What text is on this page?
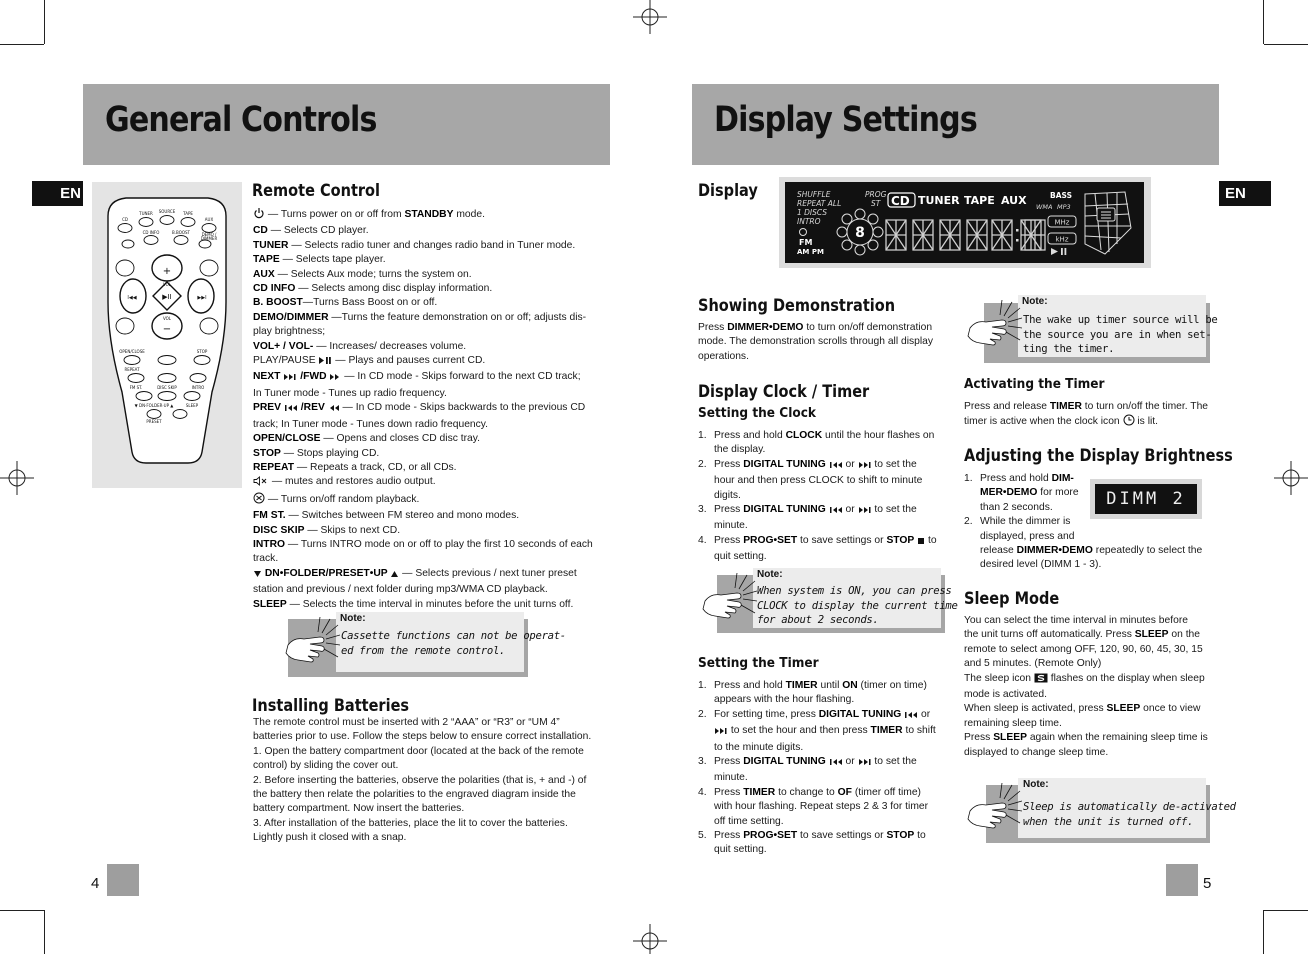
General Controls
EN
CD
TUNER SOURCE TAPE
AUX
CD INFO	B.BOOST	DEMO /
DIMMER
+
−
VOL
VOL
▶II
I◀◀	▶▶I
OPEN/CLOSE	STOP
REPEAT
FM ST.	DISC SKIP	INTRO
▼ DN·FOLDER·UP ▲
PRESET
SLEEP
Remote Control
— Turns power on or off from STANDBY mode.
CD — Selects CD player.
TUNER — Selects radio tuner and changes radio band in Tuner mode.
TAPE — Selects tape player.
AUX — Selects Aux mode; turns the system on.
CD INFO — Selects among disc display information.
B. BOOST—Turns Bass Boost on or off.
DEMO/DIMMER —Turns the feature demonstration on or off; adjusts dis-
play brightness;
VOL+ / VOL- — Increases/ decreases volume.
PLAY/PAUSE  — Plays and pauses current CD.
NEXT  /FWD  — In CD mode - Skips forward to the next CD track;
In Tuner mode - Tunes up radio frequency.
PREV  /REV  — In CD mode - Skips backwards to the previous CD
track; In Tuner mode - Tunes down radio frequency.
OPEN/CLOSE — Opens and closes CD disc tray.
STOP — Stops playing CD.
REPEAT — Repeats a track, CD, or all CDs.
— mutes and restores audio output.
— Turns on/off random playback.
FM ST. — Switches between FM stereo and mono modes.
DISC SKIP — Skips to next CD.
INTRO — Turns INTRO mode on or off to play the first 10 seconds of each
track.
DN•FOLDER/PRESET•UP  — Selects previous / next tuner preset
station and previous / next folder during mp3/WMA CD playback.
SLEEP — Selects the time interval in minutes before the unit turns off.
Note:
Cassette functions can not be operat-
ed from the remote control.
Installing Batteries
The remote control must be inserted with 2 “AAA” or “R3” or “UM 4”
batteries prior to use. Follow the steps below to ensure correct installation.
1. Open the battery compartment door (located at the back of the remote
control) by sliding the cover out.
2. Before inserting the batteries, observe the polarities (that is, + and -) of
the battery then relate the polarities to the engraved diagram inside the
battery compartment. Now insert the batteries.
3. After installation of the batteries, place the lit to cover the batteries.
Lightly push it closed with a snap.
4
Display Settings
EN
Display	SHUFFLE
REPEAT ALL
1 DISCS
INTRO
PROG
ST	WMA MP3
CD TUNER TAPE AUX	BASS
FM
AM PM
8
MHz
kHz
Showing Demonstration
Press DIMMER•DEMO to turn on/off demonstration
mode. The demonstration scrolls through all display
operations.
Display Clock / Timer
Setting the Clock
1. Press and hold CLOCK until the hour flashes on
the display.
2. Press DIGITAL TUNING  or  to set the
hour and then press CLOCK to shift to minute
digits.
3. Press DIGITAL TUNING  or  to set the
minute.
4. Press PROG•SET to save settings or STOP  to
quit setting.
Note:
When system is ON, you can press
CLOCK to display the current time
for about 2 seconds.
Setting the Timer
1. Press and hold TIMER until ON (timer on time)
appears with the hour flashing.
2. For setting time, press DIGITAL TUNING  or
to set the hour and then press TIMER to shift
to the minute digits.
3. Press DIGITAL TUNING  or  to set the
minute.
4. Press TIMER to change to OF (timer off time)
with hour flashing. Repeat steps 2 & 3 for timer
off time setting.
5. Press PROG•SET to save settings or STOP to
quit setting.
Note:
The wake up timer source will be
the source you are in when set-
ting the timer.
Activating the Timer
Press and release TIMER to turn on/off the timer. The
timer is active when the clock icon  is lit.
Adjusting the Display Brightness
1. Press and hold DIM-
MER•DEMO for more
than 2 seconds.
2. While the dimmer is
displayed, press and
release DIMMER•DEMO repeatedly to select the
desired level (DIMM 1 - 3).
DIMM 2
Sleep Mode
You can select the time interval in minutes before
the unit turns off automatically. Press SLEEP on the
remote to select among OFF, 120, 90, 60, 45, 30, 15
and 5 minutes. (Remote Only)
The sleep icon  flashes on the display when sleep
mode is activated.
When sleep is activated, press SLEEP once to view
remaining sleep time.
Press SLEEP again when the remaining sleep time is
displayed to change sleep time.
Note:
Sleep is automatically de-activated
when the unit is turned off.
5
